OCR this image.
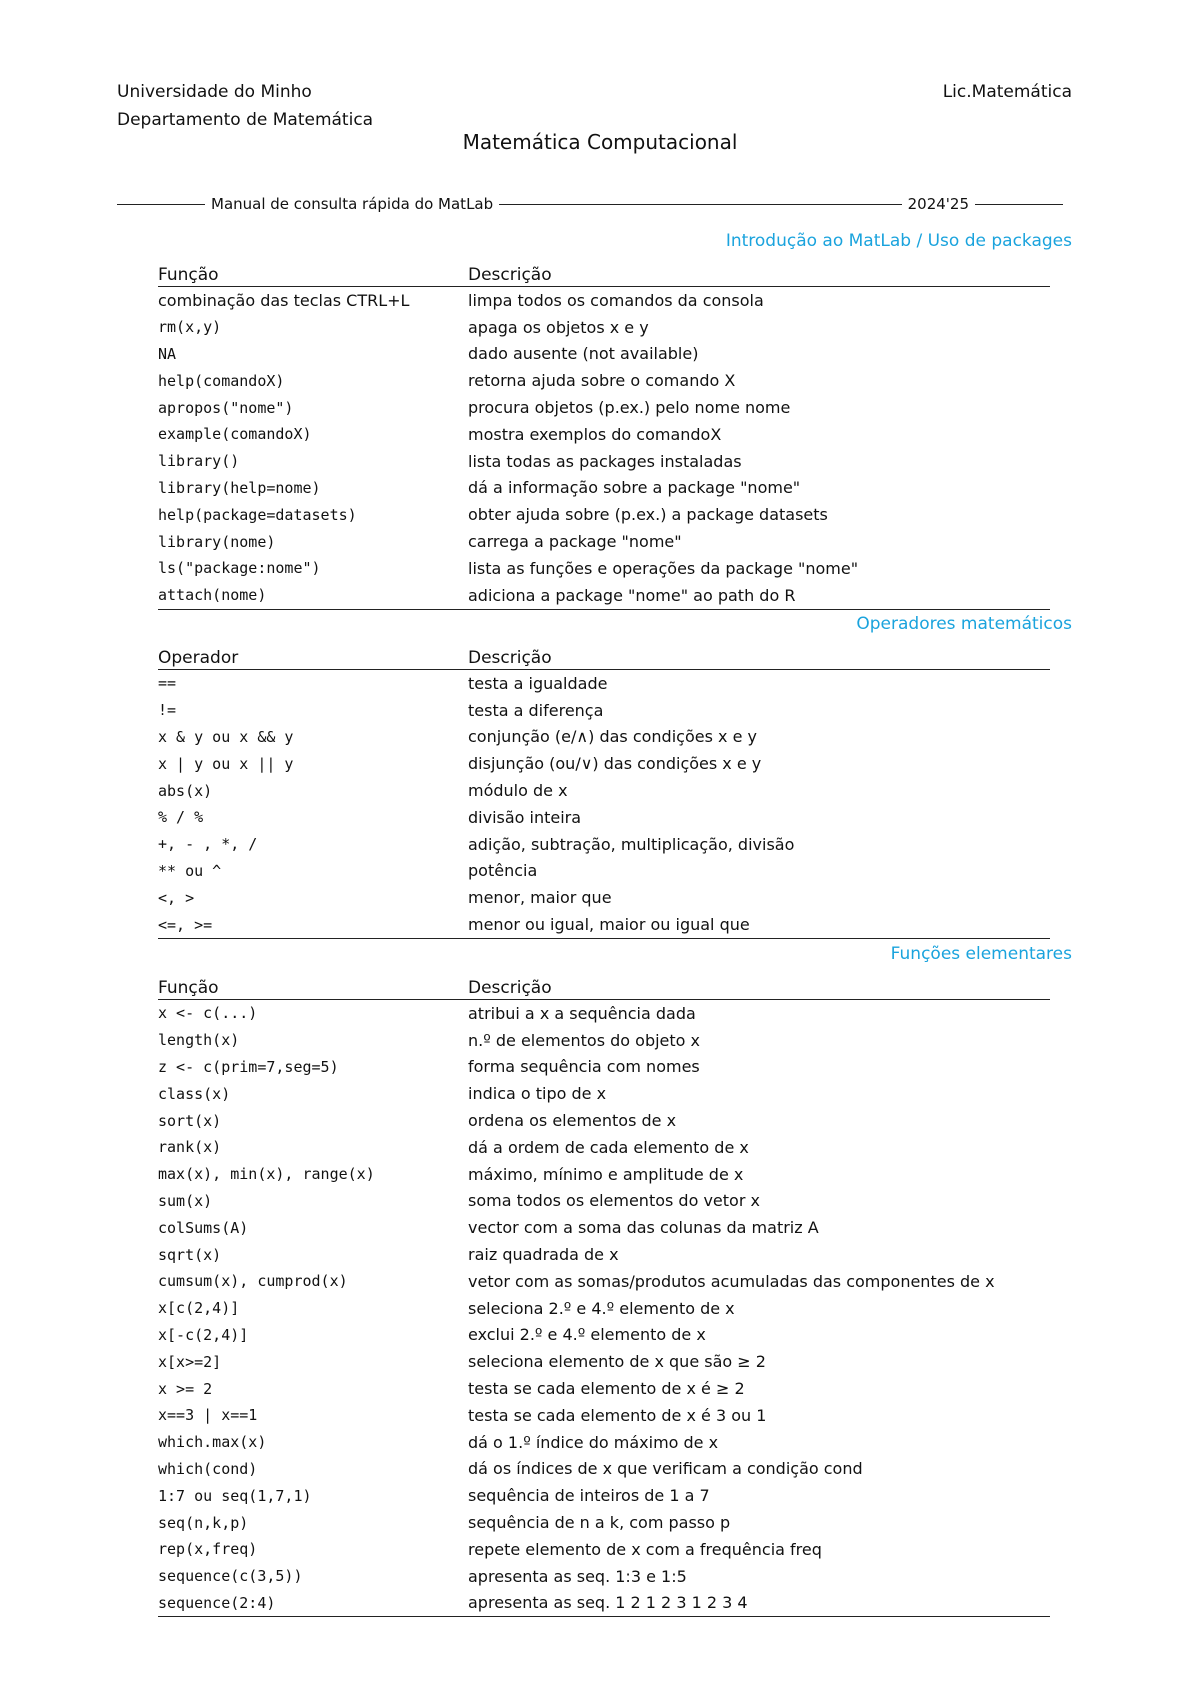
Universidade do Minho
Departamento de Matemática
Lic.Matemática
Matemática Computacional
Manual de consulta rápida do MatLab	2024'25
Introdução ao MatLab / Uso de packages
Função	Descrição
combinação das teclas CTRL+L	limpa todos os comandos da consola
rm(x,y)	apaga os objetos x e y
NA	dado ausente (not available)
help(comandoX)	retorna ajuda sobre o comando X
apropos("nome")	procura objetos (p.ex.) pelo nome nome
example(comandoX)	mostra exemplos do comandoX
library()	lista todas as packages instaladas
library(help=nome)	dá a informação sobre a package "nome"
help(package=datasets)	obter ajuda sobre (p.ex.) a package datasets
library(nome)	carrega a package "nome"
ls("package:nome")	lista as funções e operações da package "nome"
attach(nome)	adiciona a package "nome" ao path do R
Operadores matemáticos
Operador	Descrição
==	testa a igualdade
!=	testa a diferença
x & y ou x && y	conjunção (e/∧) das condições x e y
x | y ou x || y	disjunção (ou/∨) das condições x e y
abs(x)	módulo de x
% / %	divisão inteira
+, - , *, /	adição, subtração, multiplicação, divisão
** ou ^	potência
<, >	menor, maior que
<=, >=	menor ou igual, maior ou igual que
Funções elementares
Função	Descrição
x <- c(...)	atribui a x a sequência dada
length(x)	n.º de elementos do objeto x
z <- c(prim=7,seg=5)	forma sequência com nomes
class(x)	indica o tipo de x
sort(x)	ordena os elementos de x
rank(x)	dá a ordem de cada elemento de x
max(x), min(x), range(x)	máximo, mínimo e amplitude de x
sum(x)	soma todos os elementos do vetor x
colSums(A)	vector com a soma das colunas da matriz A
sqrt(x)	raiz quadrada de x
cumsum(x), cumprod(x)	vetor com as somas/produtos acumuladas das componentes de x
x[c(2,4)]	seleciona 2.º e 4.º elemento de x
x[-c(2,4)]	exclui 2.º e 4.º elemento de x
x[x>=2]	seleciona elemento de x que são ≥ 2
x >= 2	testa se cada elemento de x é ≥ 2
x==3 | x==1	testa se cada elemento de x é 3 ou 1
which.max(x)	dá o 1.º índice do máximo de x
which(cond)	dá os índices de x que verificam a condição cond
1:7 ou seq(1,7,1)	sequência de inteiros de 1 a 7
seq(n,k,p)	sequência de n a k, com passo p
rep(x,freq)	repete elemento de x com a frequência freq
sequence(c(3,5))	apresenta as seq. 1:3 e 1:5
sequence(2:4)	apresenta as seq. 1 2 1 2 3 1 2 3 4
